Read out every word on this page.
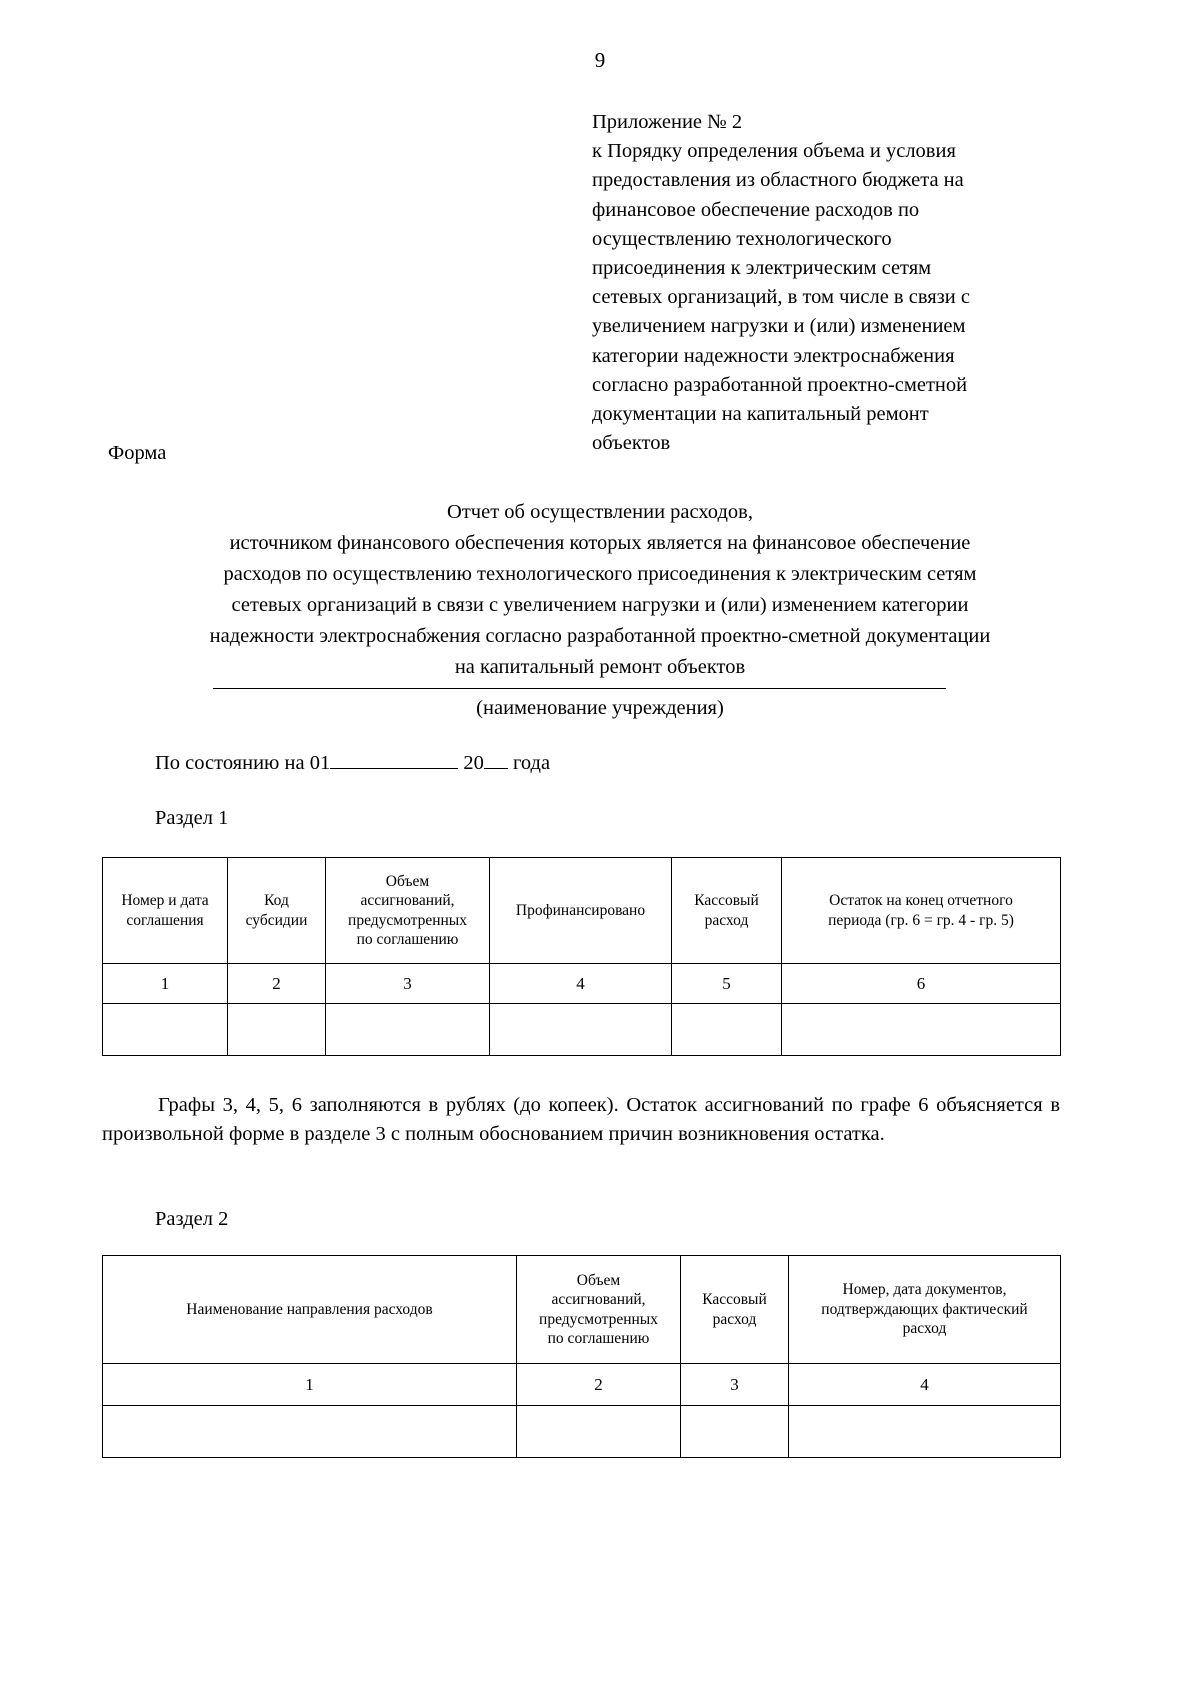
9
Приложение № 2
к Порядку определения объема и условия
предоставления из областного бюджета на
финансовое обеспечение расходов по
осуществлению технологического
присоединения к электрическим сетям
сетевых организаций, в том числе в связи с
увеличением нагрузки и (или) изменением
категории надежности электроснабжения
согласно разработанной проектно-сметной
документации на капитальный ремонт
объектов
Форма
Отчет об осуществлении расходов,
источником финансового обеспечения которых является на финансовое обеспечение
расходов по осуществлению технологического присоединения к электрическим сетям
сетевых организаций в связи с увеличением нагрузки и (или) изменением категории
надежности электроснабжения согласно разработанной проектно-сметной документации
на капитальный ремонт объектов
(наименование учреждения)
По состоянию на 01	20 года
Раздел 1
Номер и дата
соглашения	Код
субсидии	Объем
ассигнований,
предусмотренных
по соглашению	Профинансировано	Кассовый
расход	Остаток на конец отчетного
периода (гр. 6 = гр. 4 - гр. 5)

1	2	3	4	5	6

Графы 3, 4, 5, 6 заполняются в рублях (до копеек). Остаток ассигнований по графе 6 объясняется в произвольной форме в разделе 3 с полным обоснованием причин возникновения остатка.
Раздел 2
Наименование направления расходов	Объем
ассигнований,
предусмотренных
по соглашению	Кассовый
расход	Номер, дата документов,
подтверждающих фактический
расход

1	2	3	4
